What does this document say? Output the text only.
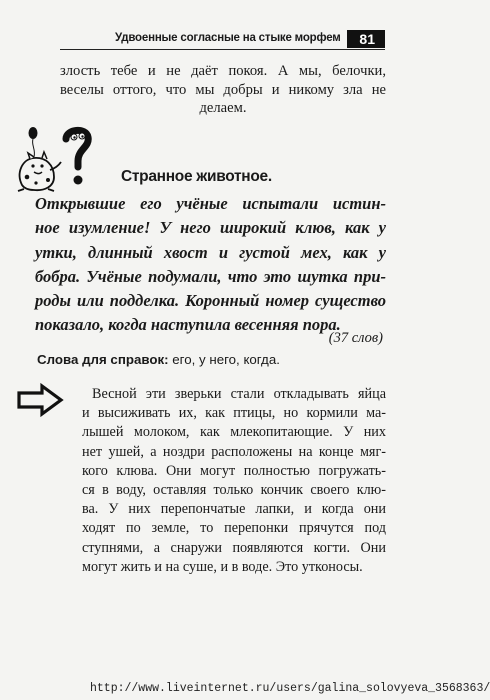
Удвоенные согласные на стыке морфем	81
злость тебе и не даёт покоя. А мы, белочки,
веселы оттого, что мы добры и никому зла не
делаем.
Странное животное.
Открывшие его учёные испытали истин-
ное изумление! У него широкий клюв, как у
утки, длинный хвост и густой мех, как у
бобра. Учёные подумали, что это шутка при-
роды или подделка. Коронный номер существо
показало, когда наступила весенняя пора.
(37 слов)
Слова для справок: его, у него, когда.
Весной эти зверьки стали откладывать яйца
и высиживать их, как птицы, но кормили ма-
лышей молоком, как млекопитающие. У них
нет ушей, а ноздри расположены на конце мяг-
кого клюва. Они могут полностью погружать-
ся в воду, оставляя только кончик своего клю-
ва. У них перепончатые лапки, и когда они
ходят по земле, то перепонки прячутся под
ступнями, а снаружи появляются когти. Они
могут жить и на суше, и в воде. Это утконосы.
http://www.liveinternet.ru/users/galina_solovyeva_3568363/
